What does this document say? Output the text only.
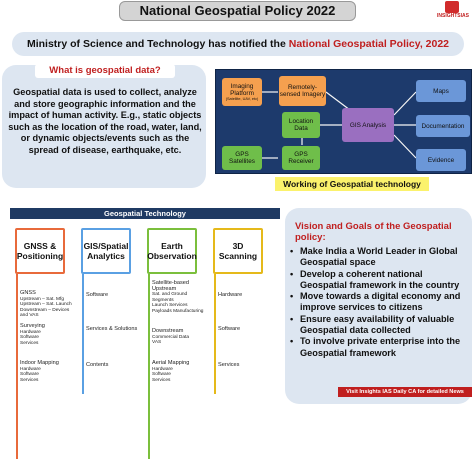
National Geospatial Policy 2022	INSIGHTSIAS
Ministry of Science and Technology has notified the National Geospatial Policy, 2022
What is geospatial data?
Geospatial data is used to collect, analyze and store geographic information and the impact of human activity. E.g., static objects such as the location of the road, water, land, or dynamic objects/events such as the spread of disease, earthquake, etc.
Imaging Platform
(Satellite, UAV, etc)
Remotely-sensed Imagery
Location Data	GIS Analysis
GPS Satellites
GPS Receiver
Maps
Documentation
Evidence
Working of Geospatial technology
Geospatial Technology
GNSS & Positioning
GIS/Spatial Analytics
Earth Observation
3D Scanning
GNSS
Upstream – Sat. Mfg
Upstream – Sat. Launch
Downstream – Devices and VAS
Surveying
Hardware
Software
Services
Indoor Mapping
Hardware
Software
Services
Software
Services & Solutions
Contents
Satellite-based Upstream
Sat. and Ground Segments
Launch Services
Payloads Manufacturing
Downstream
Commercial Data
VAS
Aerial Mapping
Hardware
Software
Services
Hardware
Software
Services
Vision and Goals of the Geospatial policy:
• Make India a World Leader in Global Geospatial space
• Develop a coherent national Geospatial framework in the country
• Move towards a digital economy and improve services to citizens
• Ensure easy availability of valuable Geospatial data collected
• To involve private enterprise into the Geospatial framework
Visit Insights IAS Daily CA for detailed News
